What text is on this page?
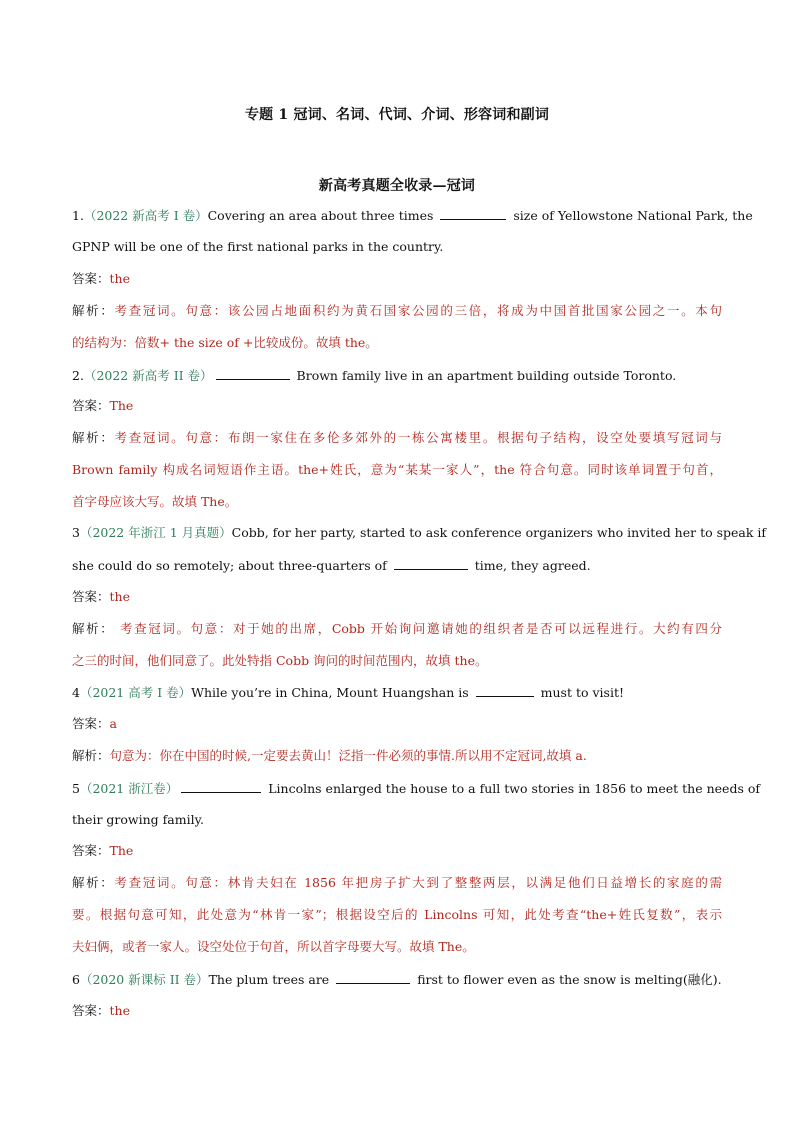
专题 1 冠词、名词、代词、介词、形容词和副词
新高考真题全收录—冠词
1.（2022 新高考 I 卷）Covering an area about three times	size of Yellowstone National Park, the
GPNP will be one of the first national parks in the country.
答案：the
解析：考查冠词。句意：该公园占地面积约为黄石国家公园的三倍，将成为中国首批国家公园之一。本句
的结构为：倍数+ the size of +比较成份。故填 the。
2.（2022 新高考 II 卷）	Brown family live in an apartment building outside Toronto.
答案：The
解析：考查冠词。句意：布朗一家住在多伦多郊外的一栋公寓楼里。根据句子结构，设空处要填写冠词与
Brown family 构成名词短语作主语。the+姓氏，意为“某某一家人”，the 符合句意。同时该单词置于句首，
首字母应该大写。故填 The。
3（2022 年浙江 1 月真题）Cobb, for her party, started to ask conference organizers who invited her to speak if
she could do so remotely; about three-quarters of	time, they agreed.
答案：the
解析： 考查冠词。句意：对于她的出席，Cobb 开始询问邀请她的组织者是否可以远程进行。大约有四分
之三的时间，他们同意了。此处特指 Cobb 询问的时间范围内，故填 the。
4（2021 高考 I 卷）While you’re in China, Mount Huangshan is	must to visit!
答案：a
解析：句意为：你在中国的时候,一定要去黄山！泛指一件必须的事情.所以用不定冠词,故填 a.
5（2021 浙江卷）	Lincolns enlarged the house to a full two stories in 1856 to meet the needs of
their growing family.
答案：The
解析：考查冠词。句意：林肯夫妇在 1856 年把房子扩大到了整整两层，以满足他们日益增长的家庭的需
要。根据句意可知，此处意为“林肯一家”；根据设空后的 Lincolns 可知，此处考查“the+姓氏复数”，表示
夫妇俩，或者一家人。设空处位于句首，所以首字母要大写。故填 The。
6（2020 新课标 II 卷）The plum trees are	first to flower even as the snow is melting(融化).
答案：the
